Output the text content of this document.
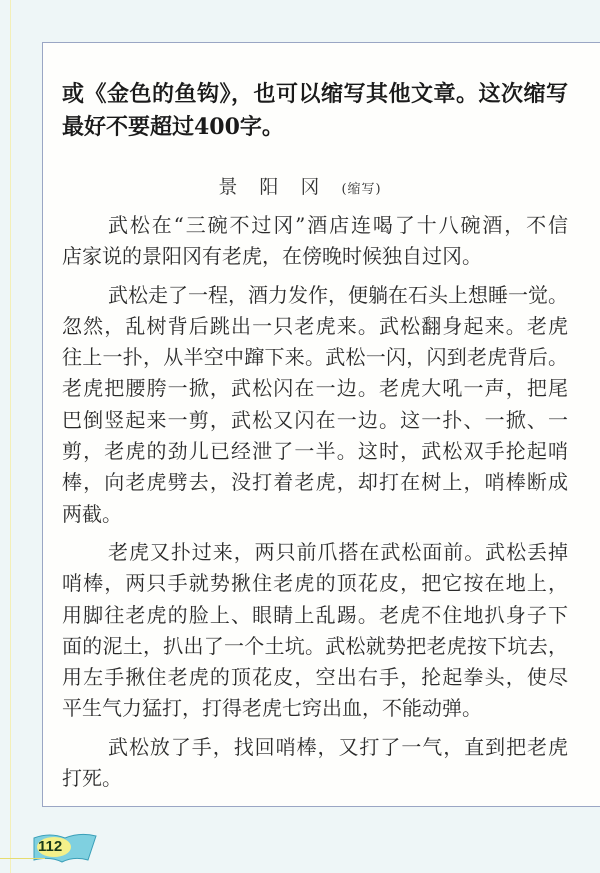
或《金色的鱼钩》，也可以缩写其他文章。这次缩写
最好不要超过400字。
景 阳 冈 (缩写)
武松在“三碗不过冈”酒店连喝了十八碗酒，不信
店家说的景阳冈有老虎，在傍晚时候独自过冈。
武松走了一程，酒力发作，便躺在石头上想睡一觉。
忽然，乱树背后跳出一只老虎来。武松翻身起来。老虎
往上一扑，从半空中蹿下来。武松一闪，闪到老虎背后。
老虎把腰胯一掀，武松闪在一边。老虎大吼一声，把尾
巴倒竖起来一剪，武松又闪在一边。这一扑、一掀、一
剪，老虎的劲儿已经泄了一半。这时，武松双手抡起哨
棒，向老虎劈去，没打着老虎，却打在树上，哨棒断成
两截。
老虎又扑过来，两只前爪搭在武松面前。武松丢掉
哨棒，两只手就势揪住老虎的顶花皮，把它按在地上，
用脚往老虎的脸上、眼睛上乱踢。老虎不住地扒身子下
面的泥土，扒出了一个土坑。武松就势把老虎按下坑去，
用左手揪住老虎的顶花皮，空出右手，抡起拳头，使尽
平生气力猛打，打得老虎七窍出血，不能动弹。
武松放了手，找回哨棒，又打了一气，直到把老虎
打死。
112
